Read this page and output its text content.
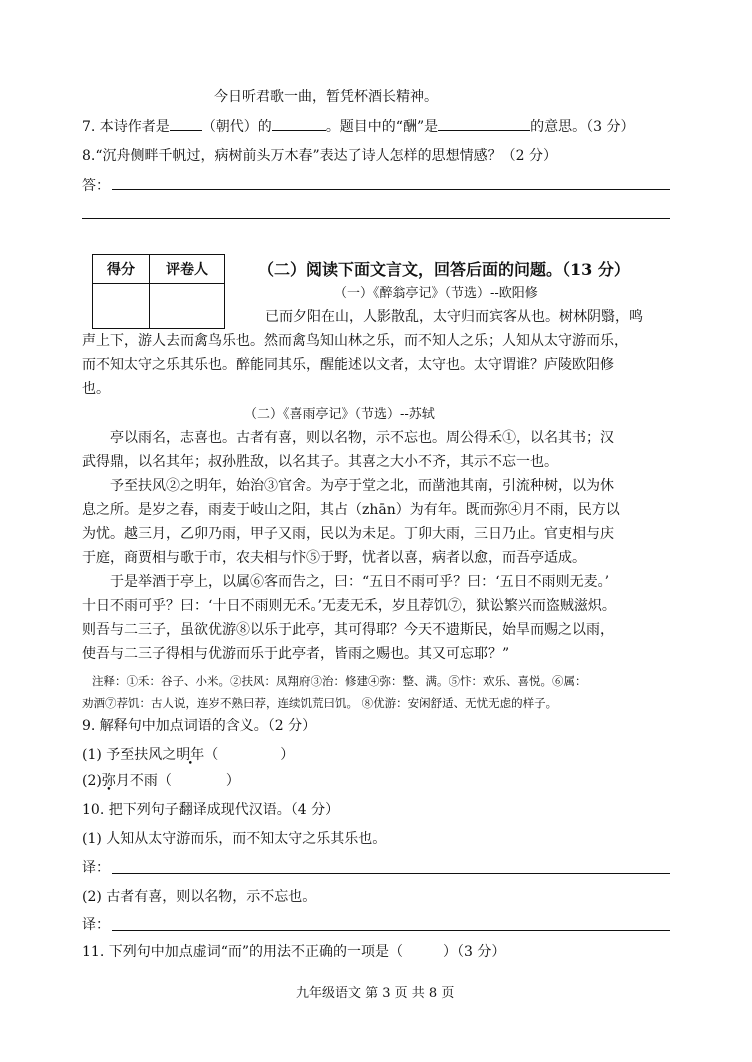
今日听君歌一曲，暂凭杯酒长精神。
7. 本诗作者是 （朝代）的	。题目中的“酬”是	的意思。（3 分）
8.“沉舟侧畔千帆过，病树前头万木春”表达了诗人怎样的思想情感？（2 分）
答：
得分	评卷人
		（二）阅读下面文言文，回答后面的问题。（13 分）
（一）《醉翁亭记》（节选）--欧阳修
已而夕阳在山，人影散乱，太守归而宾客从也。树林阴翳，鸣
声上下，游人去而禽鸟乐也。然而禽鸟知山林之乐，而不知人之乐；人知从太守游而乐，
而不知太守之乐其乐也。醉能同其乐，醒能述以文者，太守也。太守谓谁？庐陵欧阳修
也。
（二）《喜雨亭记》（节选）--苏轼
亭以雨名，志喜也。古者有喜，则以名物，示不忘也。周公得禾①，以名其书；汉
武得鼎，以名其年；叔孙胜敌，以名其子。其喜之大小不齐，其示不忘一也。
予至扶风②之明年，始治③官舍。为亭于堂之北，而凿池其南，引流种树，以为休
息之所。是岁之春，雨麦于岐山之阳，其占（zhān）为有年。既而弥④月不雨，民方以
为忧。越三月，乙卯乃雨，甲子又雨，民以为未足。丁卯大雨，三日乃止。官吏相与庆
于庭，商贾相与歌于市，农夫相与忭⑤于野，忧者以喜，病者以愈，而吾亭适成。
于是举酒于亭上，以属⑥客而告之，曰：“五日不雨可乎？曰：‘五日不雨则无麦。’
十日不雨可乎？曰：‘十日不雨则无禾。’无麦无禾，岁且荐饥⑦，狱讼繁兴而盗贼滋炽。
则吾与二三子，虽欲优游⑧以乐于此亭，其可得耶？今天不遗斯民，始旱而赐之以雨，
使吾与二三子得相与优游而乐于此亭者，皆雨之赐也。其又可忘耶？”
注释：①禾：谷子、小米。②扶风：凤翔府③治：修建④弥：整、满。⑤忭：欢乐、喜悦。⑥属：
劝酒⑦荐饥：古人说，连岁不熟曰荐，连续饥荒曰饥。 ⑧优游：安闲舒适、无忧无虑的样子。
9. 解释句中加点词语的含义。（2 分）
(1) 予至扶风之明年（	）
(2)弥月不雨（	）
10. 把下列句子翻译成现代汉语。（4 分）
(1) 人知从太守游而乐，而不知太守之乐其乐也。
译：
(2) 古者有喜，则以名物，示不忘也。
译：
11. 下列句中加点虚词“而”的用法不正确的一项是（	）（3 分）
九年级语文 第 3 页 共 8 页
